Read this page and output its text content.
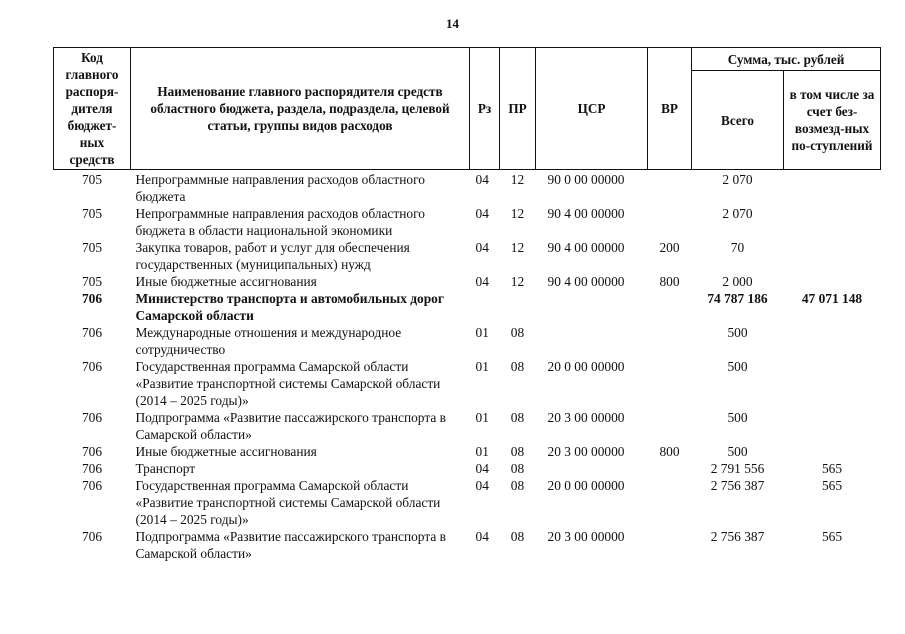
14
Код главного распоря-дителя бюджет-ных средств	Наименование главного распорядителя средств областного бюджета, раздела, подраздела, целевой статьи, группы видов расходов	Рз	ПР	ЦСР	ВР	Сумма, тыс. рублей	
						Всего	в том числе за счет без-возмезд-ных по-ступлений
705	Непрограммные направления расходов областного бюджета	04	12	90 0 00 00000		2 070	
705	Непрограммные направления расходов областного бюджета в области национальной экономики	04	12	90 4 00 00000		2 070	
705	Закупка товаров, работ и услуг для обеспечения государственных (муниципальных) нужд	04	12	90 4 00 00000	200	70	
705	Иные бюджетные ассигнования	04	12	90 4 00 00000	800	2 000	
706	Министерство транспорта и автомобильных дорог Самарской области					74 787 186	47 071 148
706	Международные отношения и международное сотрудничество	01	08			500	
706	Государственная программа Самарской области «Развитие транспортной системы Самарской области (2014 – 2025 годы)»	01	08	20 0 00 00000		500	
706	Подпрограмма «Развитие пассажирского транспорта в Самарской области»	01	08	20 3 00 00000		500	
706	Иные бюджетные ассигнования	01	08	20 3 00 00000	800	500	
706	Транспорт	04	08			2 791 556	565
706	Государственная программа Самарской области «Развитие транспортной системы Самарской области (2014 – 2025 годы)»	04	08	20 0 00 00000		2 756 387	565
706	Подпрограмма «Развитие пассажирского транспорта в Самарской области»	04	08	20 3 00 00000		2 756 387	565
